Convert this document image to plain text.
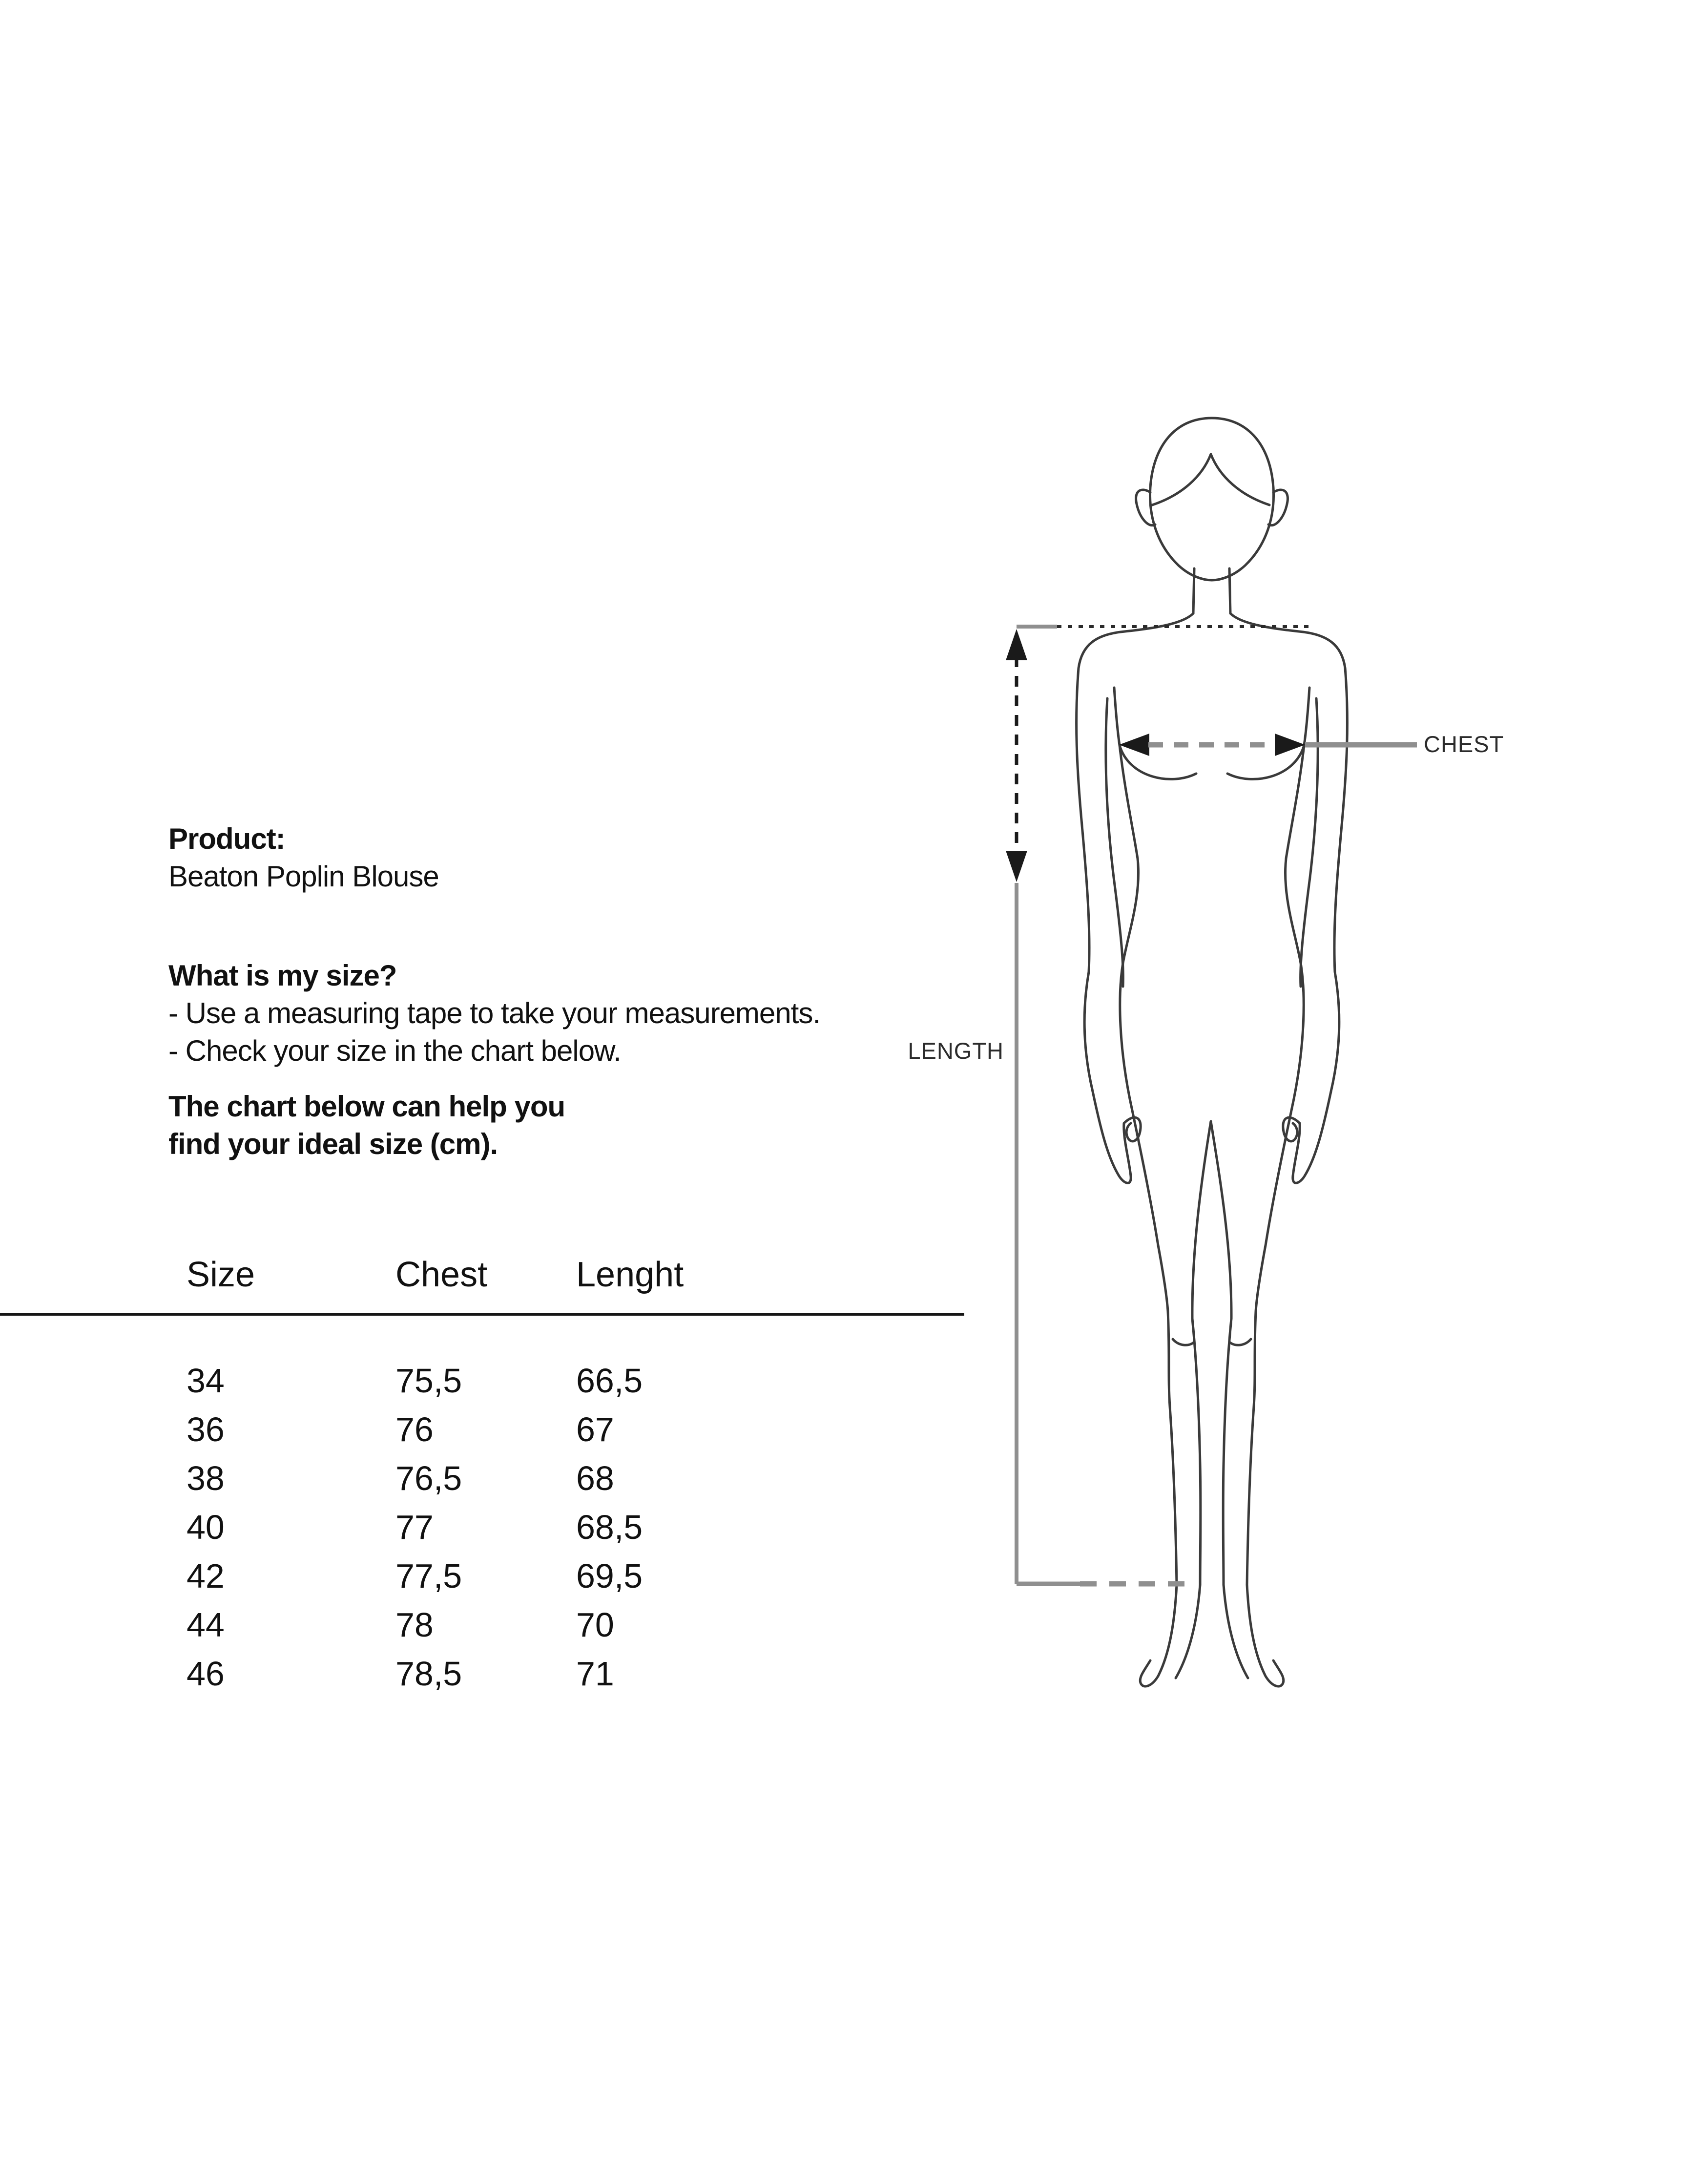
Product:
Beaton Poplin Blouse
What is my size?
- Use a measuring tape to take your measurements.
- Check your size in the chart below.
The chart below can help you
find your ideal size (cm).
Size	Chest	Lenght
34	75,5	66,5
36	76	67
38	76,5	68
40	77	68,5
42	77,5	69,5
44	78	70
46	78,5	71
CHEST
LENGTH
